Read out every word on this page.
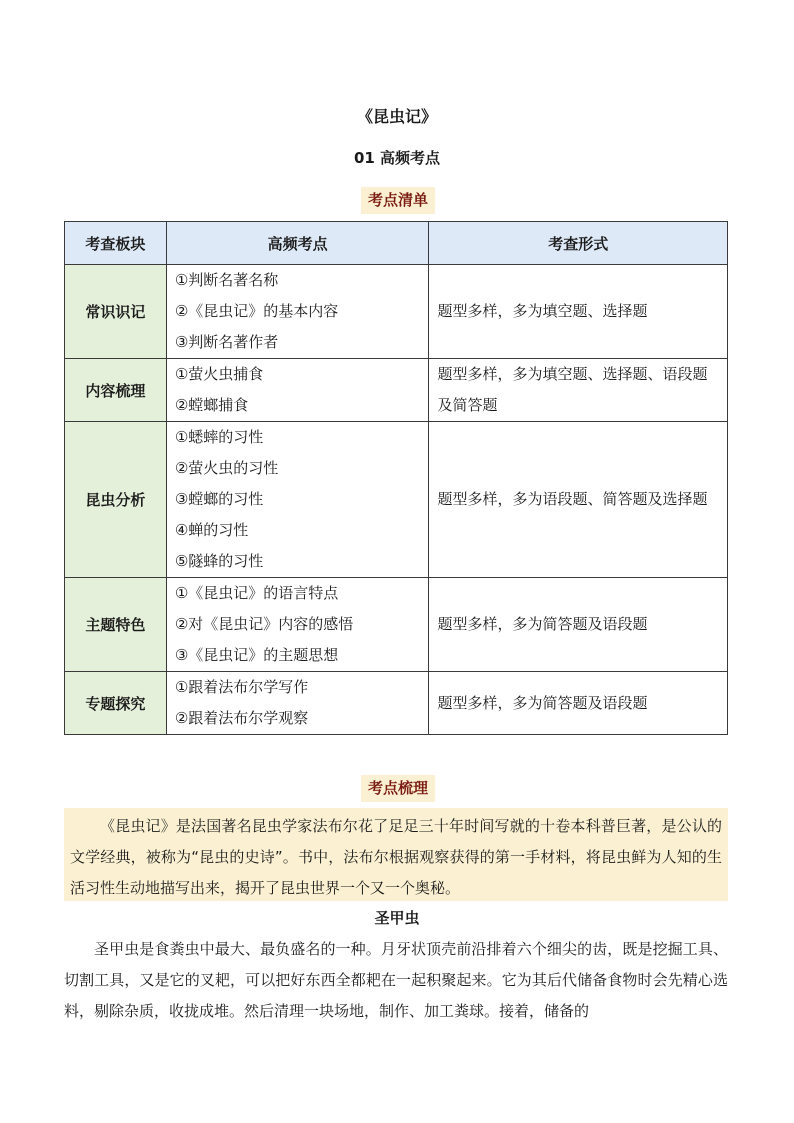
《昆虫记》
01 高频考点
考点清单
考查板块	高频考点	考查形式
常识识记	①判断名著名称
②《昆虫记》的基本内容
③判断名著作者	题型多样，多为填空题、选择题

内容梳理	①萤火虫捕食
②螳螂捕食	题型多样，多为填空题、选择题、语段题及简答题

昆虫分析	①蟋蟀的习性
②萤火虫的习性
③螳螂的习性
④蝉的习性
⑤隧蜂的习性	题型多样，多为语段题、简答题及选择题

主题特色	①《昆虫记》的语言特点
②对《昆虫记》内容的感悟
③《昆虫记》的主题思想	题型多样，多为简答题及语段题

专题探究	①跟着法布尔学写作
②跟着法布尔学观察	题型多样，多为简答题及语段题
考点梳理
《昆虫记》是法国著名昆虫学家法布尔花了足足三十年时间写就的十卷本科普巨著，是公认的文学经典，被称为“昆虫的史诗”。书中，法布尔根据观察获得的第一手材料，将昆虫鲜为人知的生活习性生动地描写出来，揭开了昆虫世界一个又一个奥秘。
圣甲虫

圣甲虫是食粪虫中最大、最负盛名的一种。月牙状顶壳前沿排着六个细尖的齿，既是挖掘工具、切割工具，又是它的叉耙，可以把好东西全都耙在一起积聚起来。它为其后代储备食物时会先精心选料，剔除杂质，收拢成堆。然后清理一块场地，制作、加工粪球。接着，储备的
